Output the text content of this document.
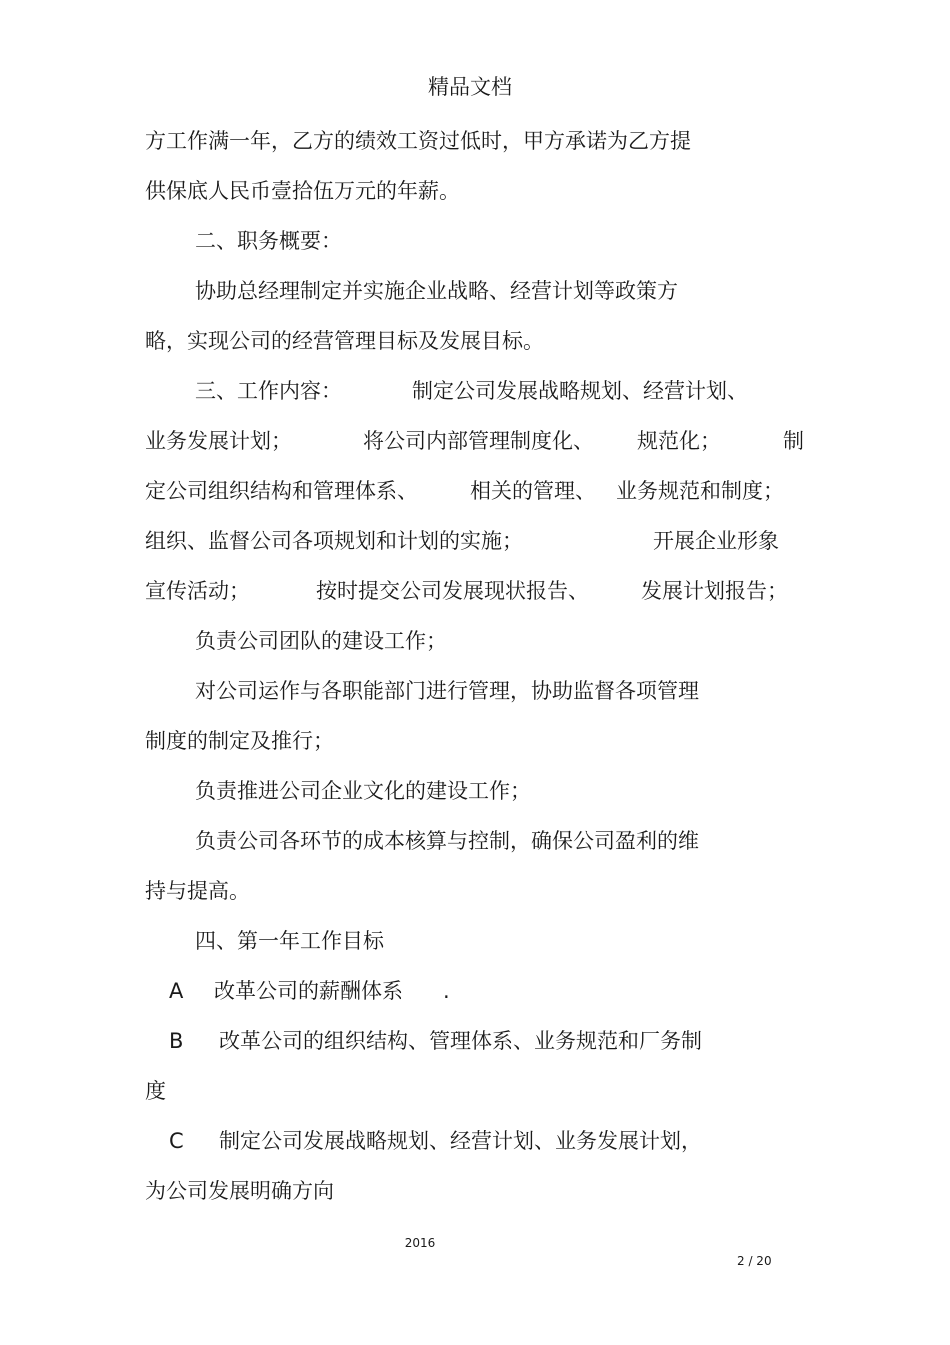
精品文档
方工作满一年，乙方的绩效工资过低时，甲方承诺为乙方提
供保底人民币壹拾伍万元的年薪。
二、职务概要：
协助总经理制定并实施企业战略、经营计划等政策方
略，实现公司的经营管理目标及发展目标。
三、工作内容：	制定公司发展战略规划、经营计划、
业务发展计划；	将公司内部管理制度化、 规范化；	制
定公司组织结构和管理体系、 相关的管理、 业务规范和制度；
组织、监督公司各项规划和计划的实施；	开展企业形象
宣传活动；	按时提交公司发展现状报告、 发展计划报告；
负责公司团队的建设工作；
对公司运作与各职能部门进行管理，协助监督各项管理
制度的制定及推行；
负责推进公司企业文化的建设工作；
负责公司各环节的成本核算与控制，确保公司盈利的维
持与提高。
四、第一年工作目标
A 改革公司的薪酬体系 .
B 改革公司的组织结构、管理体系、业务规范和厂务制
度
C 制定公司发展战略规划、经营计划、业务发展计划，
为公司发展明确方向
2016
2 / 20
